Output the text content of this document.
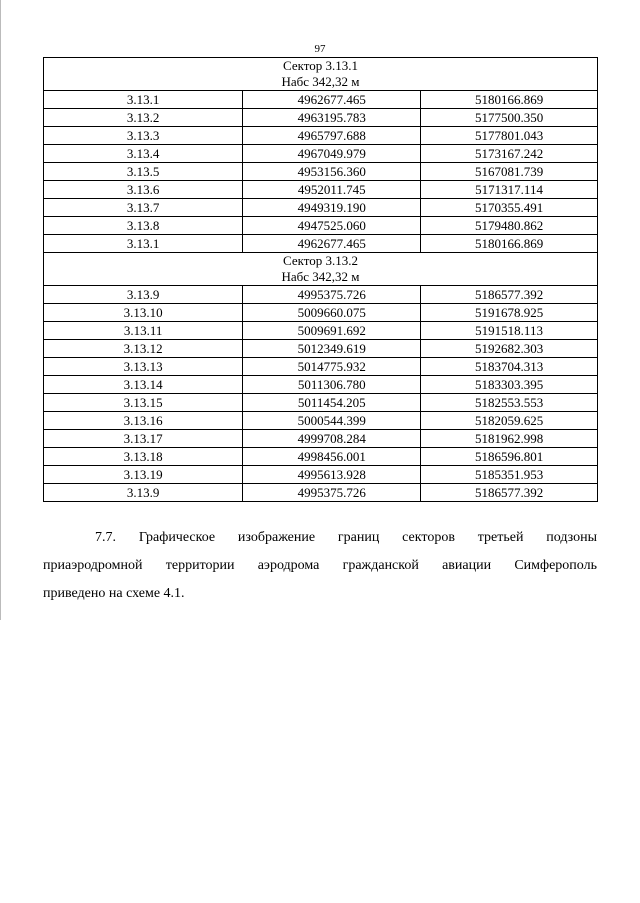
97
Сектор 3.13.1
Набс 342,32 м		

3.13.1	4962677.465	5180166.869
3.13.2	4963195.783	5177500.350
3.13.3	4965797.688	5177801.043
3.13.4	4967049.979	5173167.242
3.13.5	4953156.360	5167081.739
3.13.6	4952011.745	5171317.114
3.13.7	4949319.190	5170355.491
3.13.8	4947525.060	5179480.862
3.13.1	4962677.465	5180166.869

Сектор 3.13.2
Набс 342,32 м		

3.13.9	4995375.726	5186577.392
3.13.10	5009660.075	5191678.925
3.13.11	5009691.692	5191518.113
3.13.12	5012349.619	5192682.303
3.13.13	5014775.932	5183704.313
3.13.14	5011306.780	5183303.395
3.13.15	5011454.205	5182553.553
3.13.16	5000544.399	5182059.625
3.13.17	4999708.284	5181962.998
3.13.18	4998456.001	5186596.801
3.13.19	4995613.928	5185351.953
3.13.9	4995375.726	5186577.392

7.7. Графическое изображение границ секторов третьей подзоны

приаэродромной территории аэродрома гражданской авиации Симферополь

приведено на схеме 4.1.
